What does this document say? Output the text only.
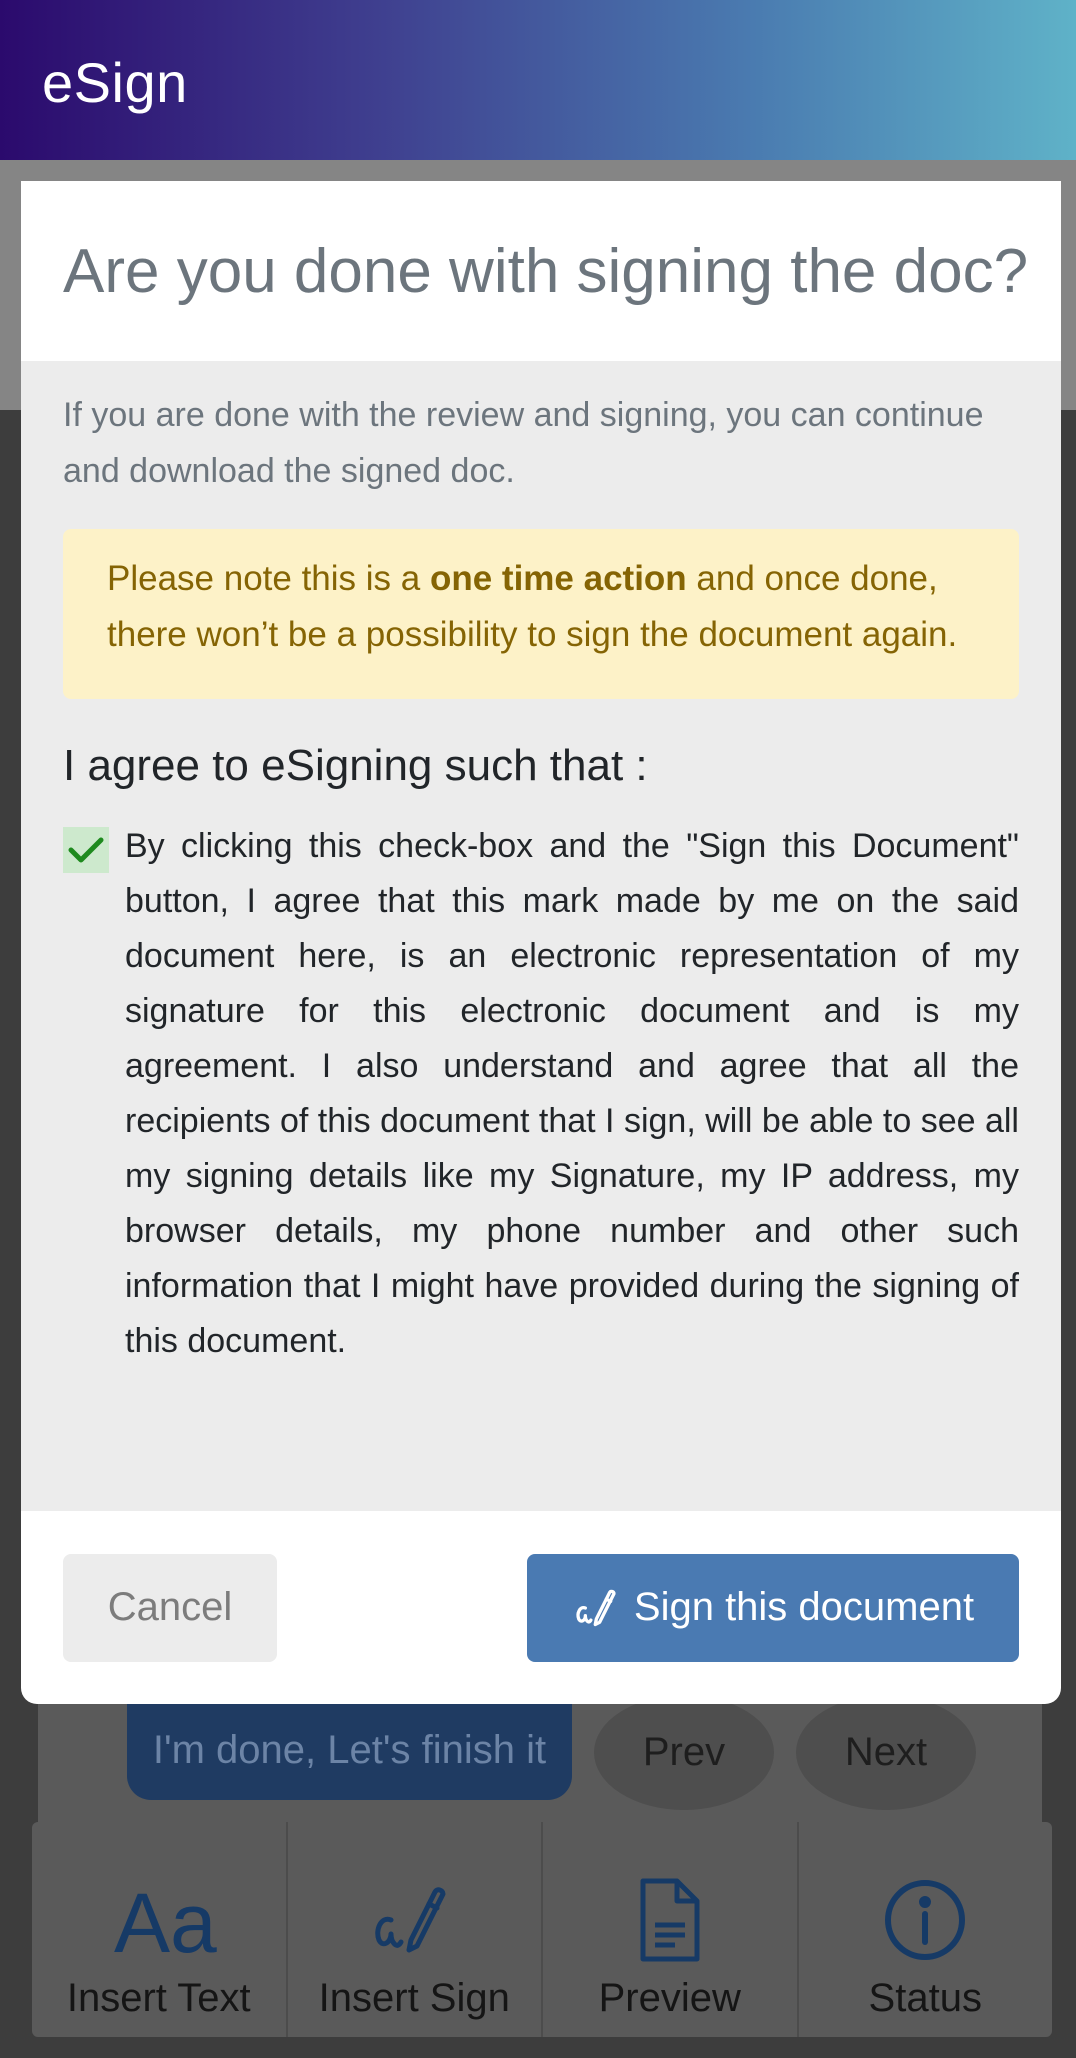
eSign
I'm done, Let's finish it	Prev	Next
Aa
Insert Text Insert Sign Preview	Status
Are you done with signing the doc?

If you are done with the review and signing, you can continue and download the signed doc.

Please note this is a one time action and once done, there won’t be a possibility to sign the document again.
I agree to eSigning such that :

By clicking this check-box and the "Sign this Document" button, I agree that this mark made by me on the said document here, is an electronic representation of my signature for this electronic document and is my agreement. I also understand and agree that all the recipients of this document that I sign, will be able to see all my signing details like my Signature, my IP address, my browser details, my phone number and other such information that I might have provided during the signing of this document.

Cancel	Sign this document
